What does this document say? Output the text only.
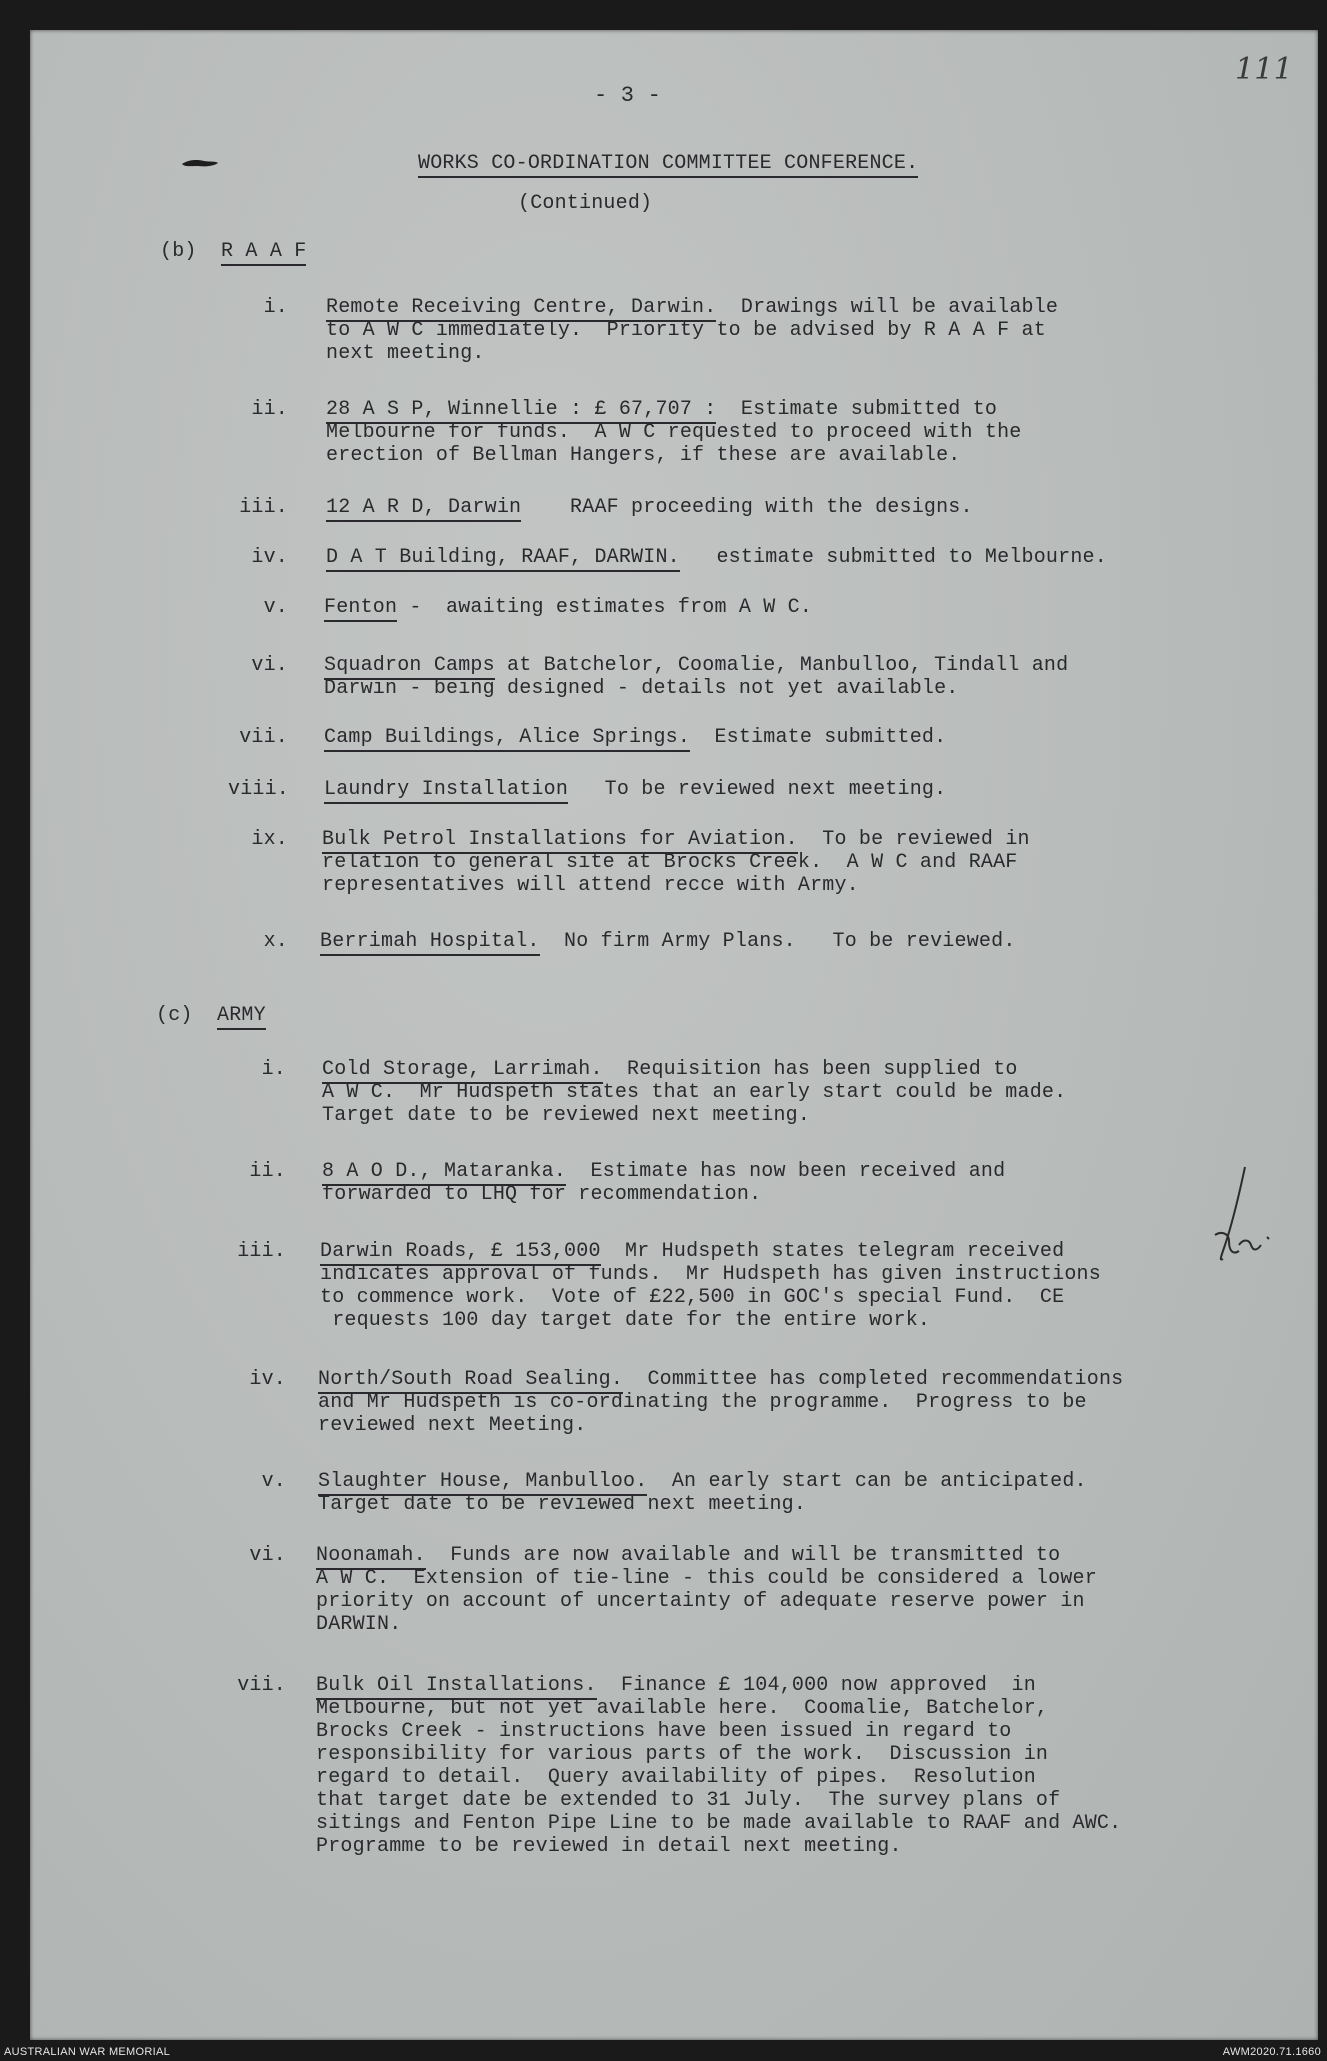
111
- 3 -
WORKS CO-ORDINATION COMMITTEE CONFERENCE.
(Continued)
(b) R A A F
(c) ARMY
i. Remote Receiving Centre, Darwin.  Drawings will be available
to A W C immediately.  Priority to be advised by R A A F at
next meeting.
ii. 28 A S P, Winnellie : £ 67,707 :  Estimate submitted to
Melbourne for funds.  A W C requested to proceed with the
erection of Bellman Hangers, if these are available.
iii. 12 A R D, Darwin    RAAF proceeding with the designs.
iv. D A T Building, RAAF, DARWIN.   estimate submitted to Melbourne.
v. Fenton -  awaiting estimates from A W C.
vi. Squadron Camps at Batchelor, Coomalie, Manbulloo, Tindall and
Darwin - being designed - details not yet available.
vii. Camp Buildings, Alice Springs.  Estimate submitted.
viii. Laundry Installation   To be reviewed next meeting.
ix. Bulk Petrol Installations for Aviation.  To be reviewed in
relation to general site at Brocks Creek.  A W C and RAAF
representatives will attend recce with Army.
x. Berrimah Hospital.  No firm Army Plans.   To be reviewed.
i. Cold Storage, Larrimah.  Requisition has been supplied to
A W C.  Mr Hudspeth states that an early start could be made.
Target date to be reviewed next meeting.
ii. 8 A O D., Mataranka.  Estimate has now been received and
forwarded to LHQ for recommendation.
iii. Darwin Roads, £ 153,000  Mr Hudspeth states telegram received
indicates approval of funds.  Mr Hudspeth has given instructions
to commence work.  Vote of £22,500 in GOC's special Fund.  CE
requests 100 day target date for the entire work.
iv. North/South Road Sealing.  Committee has completed recommendations
and Mr Hudspeth is co-ordinating the programme.  Progress to be
reviewed next Meeting.
v. Slaughter House, Manbulloo.  An early start can be anticipated.
Target date to be reviewed next meeting.
vi. Noonamah.  Funds are now available and will be transmitted to
A W C.  Extension of tie-line - this could be considered a lower
priority on account of uncertainty of adequate reserve power in
DARWIN.
vii. Bulk Oil Installations.  Finance £ 104,000 now approved  in
Melbourne, but not yet available here.  Coomalie, Batchelor,
Brocks Creek - instructions have been issued in regard to
responsibility for various parts of the work.  Discussion in
regard to detail.  Query availability of pipes.  Resolution
that target date be extended to 31 July.  The survey plans of
sitings and Fenton Pipe Line to be made available to RAAF and AWC.
Programme to be reviewed in detail next meeting.
AUSTRALIAN WAR MEMORIAL	AWM2020.71.1660
